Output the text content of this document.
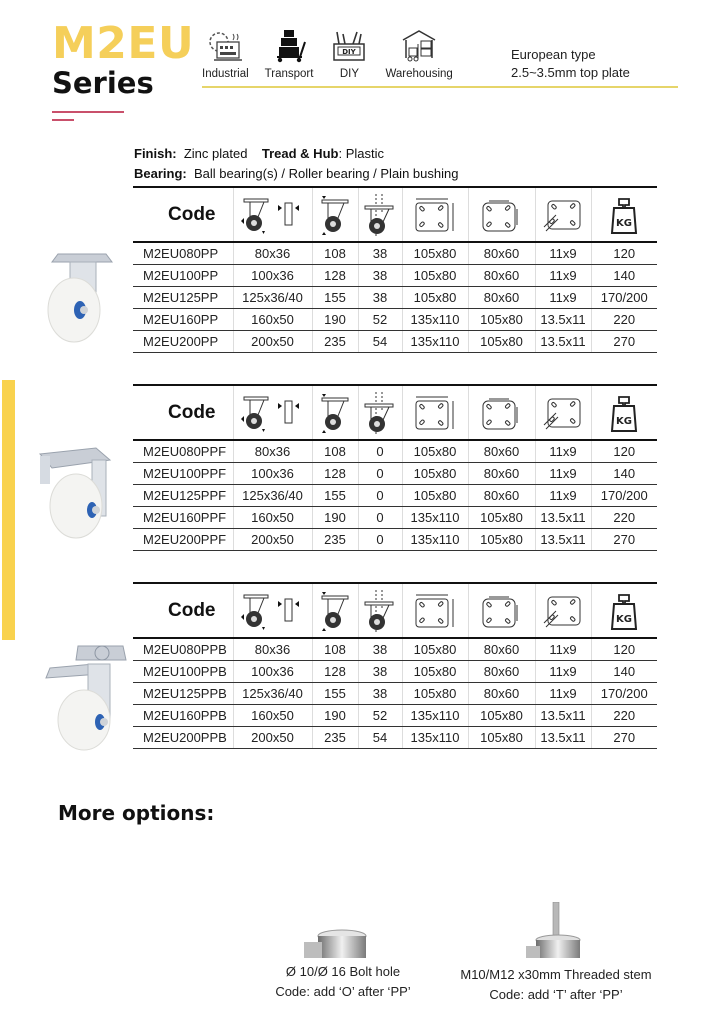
M2EU
Series	Industrial Transport
DIY
DIY Warehousing
European type
2.5~3.5mm top plate
Finish: Zinc plated Tread & Hub: Plastic
Bearing: Ball bearing(s) / Roller bearing / Plain bushing
Code							KG

M2EU080PP	80x36	108	38	105x80	80x60	11x9	120
M2EU100PP	100x36	128	38	105x80	80x60	11x9	140
M2EU125PP	125x36/40	155	38	105x80	80x60	11x9	170/200
M2EU160PP	160x50	190	52	135x110	105x80	13.5x11	220
M2EU200PP	200x50	235	54	135x110	105x80	13.5x11	270
Code							KG

M2EU080PPF	80x36	108	0	105x80	80x60	11x9	120
M2EU100PPF	100x36	128	0	105x80	80x60	11x9	140
M2EU125PPF	125x36/40	155	0	105x80	80x60	11x9	170/200
M2EU160PPF	160x50	190	0	135x110	105x80	13.5x11	220
M2EU200PPF	200x50	235	0	135x110	105x80	13.5x11	270
Code							KG

M2EU080PPB	80x36	108	38	105x80	80x60	11x9	120
M2EU100PPB	100x36	128	38	105x80	80x60	11x9	140
M2EU125PPB	125x36/40	155	38	105x80	80x60	11x9	170/200
M2EU160PPB	160x50	190	52	135x110	105x80	13.5x11	220
M2EU200PPB	200x50	235	54	135x110	105x80	13.5x11	270
More options:
Ø 10/Ø 16 Bolt hole
Code: add ‘O’ after ‘PP’
M10/M12 x30mm Threaded stem
Code: add ‘T’ after ‘PP’
